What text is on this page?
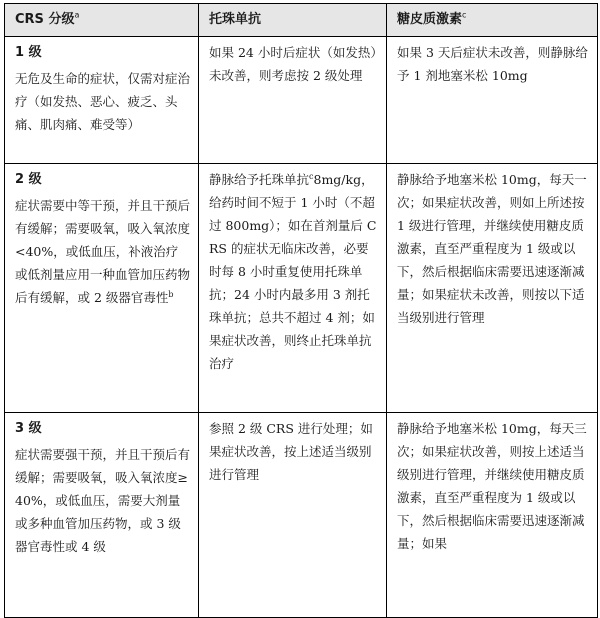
CRS 分级$^a$	托珠单抗	糖皮质激素$^c$

1 级
无危及生命的症状，仅需对症治疗（如发热、恶心、疲乏、头痛、肌肉痛、难受等）	如果 24 小时后症状（如发热）未改善，则考虑按 2 级处理	如果 3 天后症状未改善，则静脉给予 1 剂地塞米松 10mg

2 级
症状需要中等干预，并且干预后有缓解；需要吸氧，吸入氧浓度<40%，或低血压，补液治疗或低剂量应用一种血管加压药物后有缓解，或 2 级器官毒性$^b$	静脉给予托珠单抗$^c$8mg/kg，给药时间不短于 1 小时（不超过 800mg）；如在首剂量后 CRS 的症状无临床改善，必要时每 8 小时重复使用托珠单抗；24 小时内最多用 3 剂托珠单抗；总共不超过 4 剂；如果症状改善，则终止托珠单抗治疗	静脉给予地塞米松 10mg，每天一次；如果症状改善，则如上所述按 1 级进行管理，并继续使用糖皮质激素，直至严重程度为 1 级或以下，然后根据临床需要迅速逐渐减量；如果症状未改善，则按以下适当级别进行管理

3 级
症状需要强干预，并且干预后有缓解；需要吸氧，吸入氧浓度≥40%，或低血压，需要大剂量或多种血管加压药物，或 3 级器官毒性或 4 级	参照 2 级 CRS 进行处理；如果症状改善，按上述适当级别进行管理	静脉给予地塞米松 10mg，每天三次；如果症状改善，则按上述适当级别进行管理，并继续使用糖皮质激素，直至严重程度为 1 级或以下，然后根据临床需要迅速逐渐减量；如果
